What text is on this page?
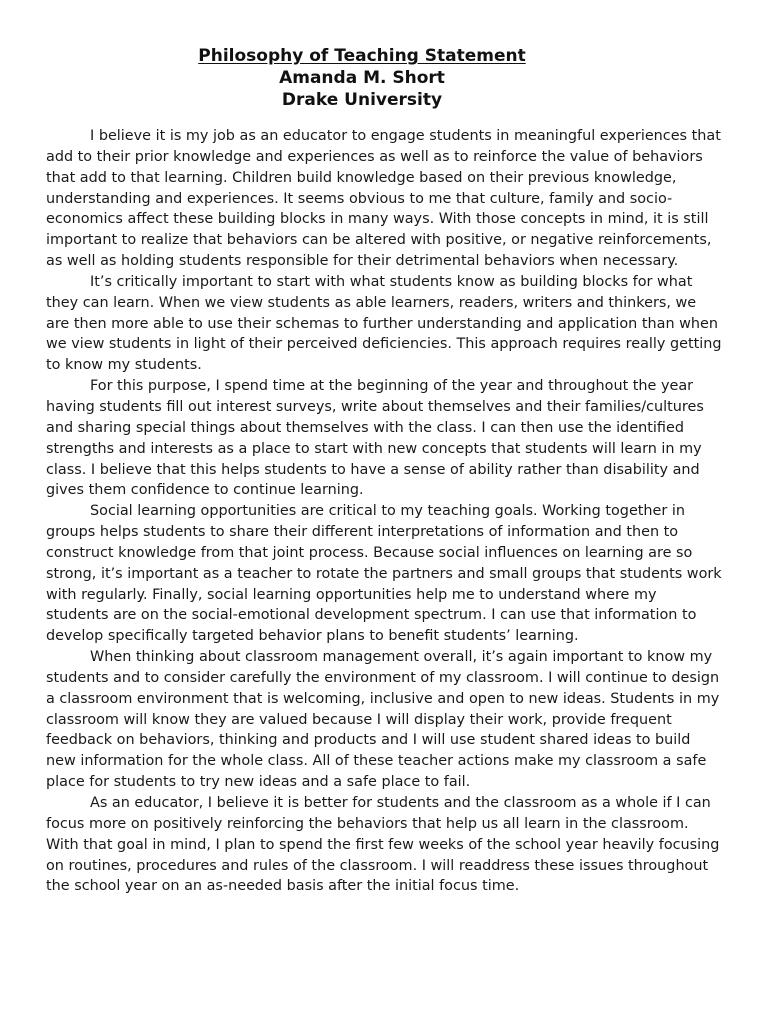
Philosophy of Teaching Statement

Amanda M. Short

Drake University

I believe it is my job as an educator to engage students in meaningful experiences that add to their prior knowledge and experiences as well as to reinforce the value of behaviors that add to that learning. Children build knowledge based on their previous knowledge, understanding and experiences. It seems obvious to me that culture, family and socio-economics affect these building blocks in many ways. With those concepts in mind, it is still important to realize that behaviors can be altered with positive, or negative reinforcements, as well as holding students responsible for their detrimental behaviors when necessary.

It’s critically important to start with what students know as building blocks for what they can learn. When we view students as able learners, readers, writers and thinkers, we are then more able to use their schemas to further understanding and application than when we view students in light of their perceived deficiencies. This approach requires really getting to know my students.

For this purpose, I spend time at the beginning of the year and throughout the year having students fill out interest surveys, write about themselves and their families/cultures and sharing special things about themselves with the class. I can then use the identified strengths and interests as a place to start with new concepts that students will learn in my class. I believe that this helps students to have a sense of ability rather than disability and gives them confidence to continue learning.

Social learning opportunities are critical to my teaching goals. Working together in groups helps students to share their different interpretations of information and then to construct knowledge from that joint process. Because social influences on learning are so strong, it’s important as a teacher to rotate the partners and small groups that students work with regularly. Finally, social learning opportunities help me to understand where my students are on the social-emotional development spectrum. I can use that information to develop specifically targeted behavior plans to benefit students’ learning.

When thinking about classroom management overall, it’s again important to know my students and to consider carefully the environment of my classroom. I will continue to design a classroom environment that is welcoming, inclusive and open to new ideas. Students in my classroom will know they are valued because I will display their work, provide frequent feedback on behaviors, thinking and products and I will use student shared ideas to build new information for the whole class. All of these teacher actions make my classroom a safe place for students to try new ideas and a safe place to fail.

As an educator, I believe it is better for students and the classroom as a whole if I can focus more on positively reinforcing the behaviors that help us all learn in the classroom. With that goal in mind, I plan to spend the first few weeks of the school year heavily focusing on routines, procedures and rules of the classroom. I will readdress these issues throughout the school year on an as-needed basis after the initial focus time.
